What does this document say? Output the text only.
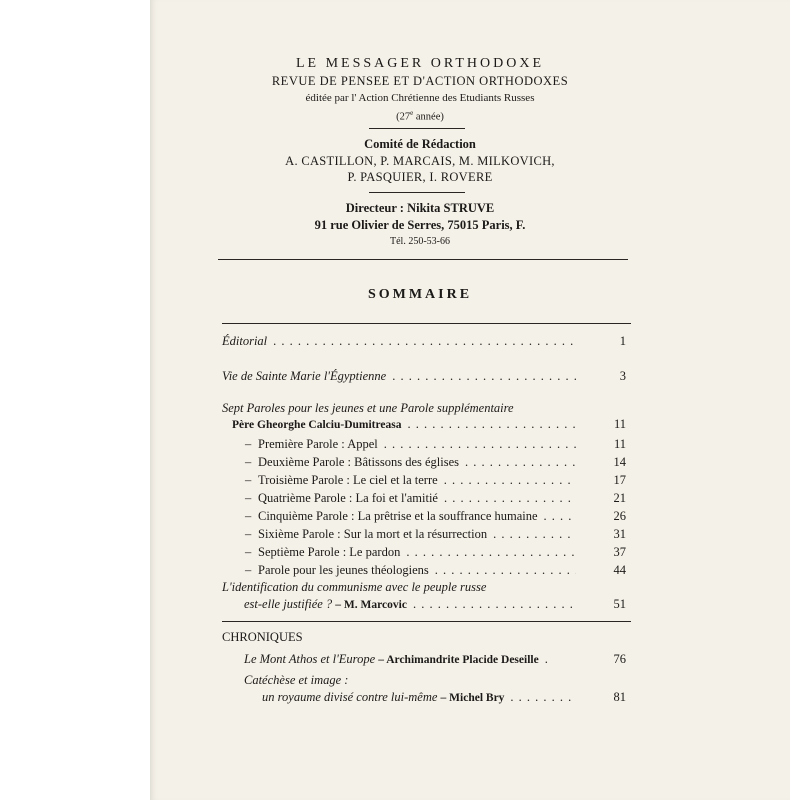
LE MESSAGER ORTHODOXE
REVUE DE PENSEE ET D'ACTION ORTHODOXES
éditée par l' Action Chrétienne des Etudiants Russes
(27e année)
Comité de Rédaction
A. CASTILLON, P. MARCAIS, M. MILKOVICH,
P. PASQUIER, I. ROVERE
Directeur : Nikita STRUVE
91 rue Olivier de Serres, 75015 Paris, F.
Tél. 250-53-66
SOMMAIRE
Éditorial . . .	1
Vie de Sainte Marie l'Égyptienne . . .	3
Sept Paroles pour les jeunes et une Parole supplémentaire
Père Gheorghe Calciu-Dumitreasa . . .	11
– Première Parole : Appel . . .	11
– Deuxième Parole : Bâtissons des églises . . .	14
– Troisième Parole : Le ciel et la terre . . .	17
– Quatrième Parole : La foi et l'amitié . . .	21
– Cinquième Parole : La prêtrise et la souffrance humaine . . .	26
– Sixième Parole : Sur la mort et la résurrection . . .	31
– Septième Parole : Le pardon . . .	37
– Parole pour les jeunes théologiens . . .	44
L'identification du communisme avec le peuple russe
est-elle justifiée ?
– M. Marcovic . . .	51
CHRONIQUES
Le Mont Athos et l'Europe
– Archimandrite Placide Deseille .	76
Catéchèse et image :
un royaume divisé contre lui-même
– Michel Bry . . .	81
